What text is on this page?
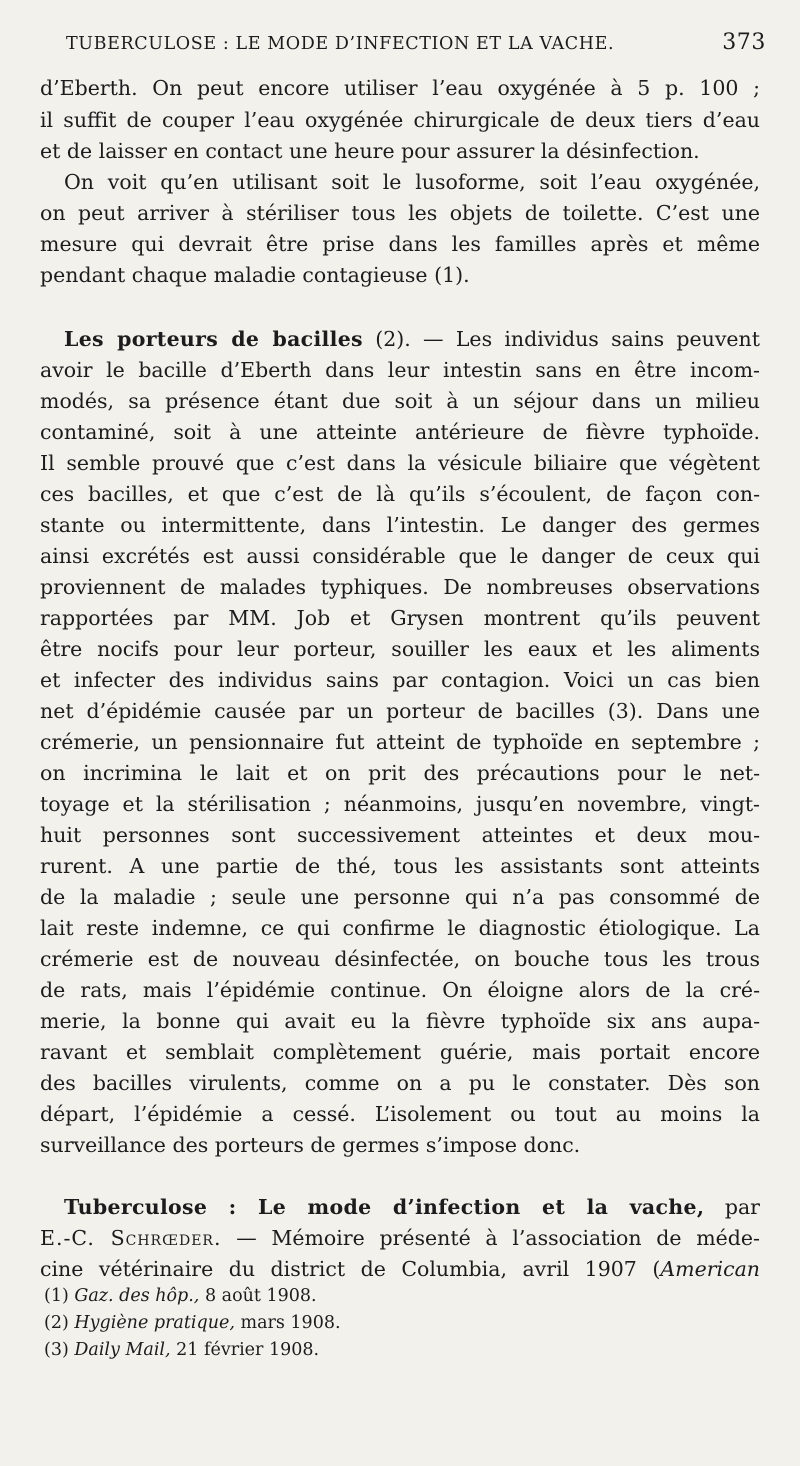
TUBERCULOSE : LE MODE D’INFECTION ET LA VACHE.	373
d’Eberth. On peut encore utiliser l’eau oxygénée à 5 p. 100 ;
il suffit de couper l’eau oxygénée chirurgicale de deux tiers d’eau
et de laisser en contact une heure pour assurer la désinfection.
On voit qu’en utilisant soit le lusoforme, soit l’eau oxygénée,
on peut arriver à stériliser tous les objets de toilette. C’est une
mesure qui devrait être prise dans les familles après et même
pendant chaque maladie contagieuse (1).
Les porteurs de bacilles (2). — Les individus sains peuvent
avoir le bacille d’Eberth dans leur intestin sans en être incom-
modés, sa présence étant due soit à un séjour dans un milieu
contaminé, soit à une atteinte antérieure de fièvre typhoïde.
Il semble prouvé que c’est dans la vésicule biliaire que végètent
ces bacilles, et que c’est de là qu’ils s’écoulent, de façon con-
stante ou intermittente, dans l’intestin. Le danger des germes
ainsi excrétés est aussi considérable que le danger de ceux qui
proviennent de malades typhiques. De nombreuses observations
rapportées par MM. Job et Grysen montrent qu’ils peuvent
être nocifs pour leur porteur, souiller les eaux et les aliments
et infecter des individus sains par contagion. Voici un cas bien
net d’épidémie causée par un porteur de bacilles (3). Dans une
crémerie, un pensionnaire fut atteint de typhoïde en septembre ;
on incrimina le lait et on prit des précautions pour le net-
toyage et la stérilisation ; néanmoins, jusqu’en novembre, vingt-
huit personnes sont successivement atteintes et deux mou-
rurent. A une partie de thé, tous les assistants sont atteints
de la maladie ; seule une personne qui n’a pas consommé de
lait reste indemne, ce qui confirme le diagnostic étiologique. La
crémerie est de nouveau désinfectée, on bouche tous les trous
de rats, mais l’épidémie continue. On éloigne alors de la cré-
merie, la bonne qui avait eu la fièvre typhoïde six ans aupa-
ravant et semblait complètement guérie, mais portait encore
des bacilles virulents, comme on a pu le constater. Dès son
départ, l’épidémie a cessé. L’isolement ou tout au moins la
surveillance des porteurs de germes s’impose donc.
Tuberculose : Le mode d’infection et la vache, par
E.-C. Schrœder. — Mémoire présenté à l’association de méde-
cine vétérinaire du district de Columbia, avril 1907 (American
(1) Gaz. des hôp., 8 août 1908.
(2) Hygiène pratique, mars 1908.
(3) Daily Mail, 21 février 1908.
